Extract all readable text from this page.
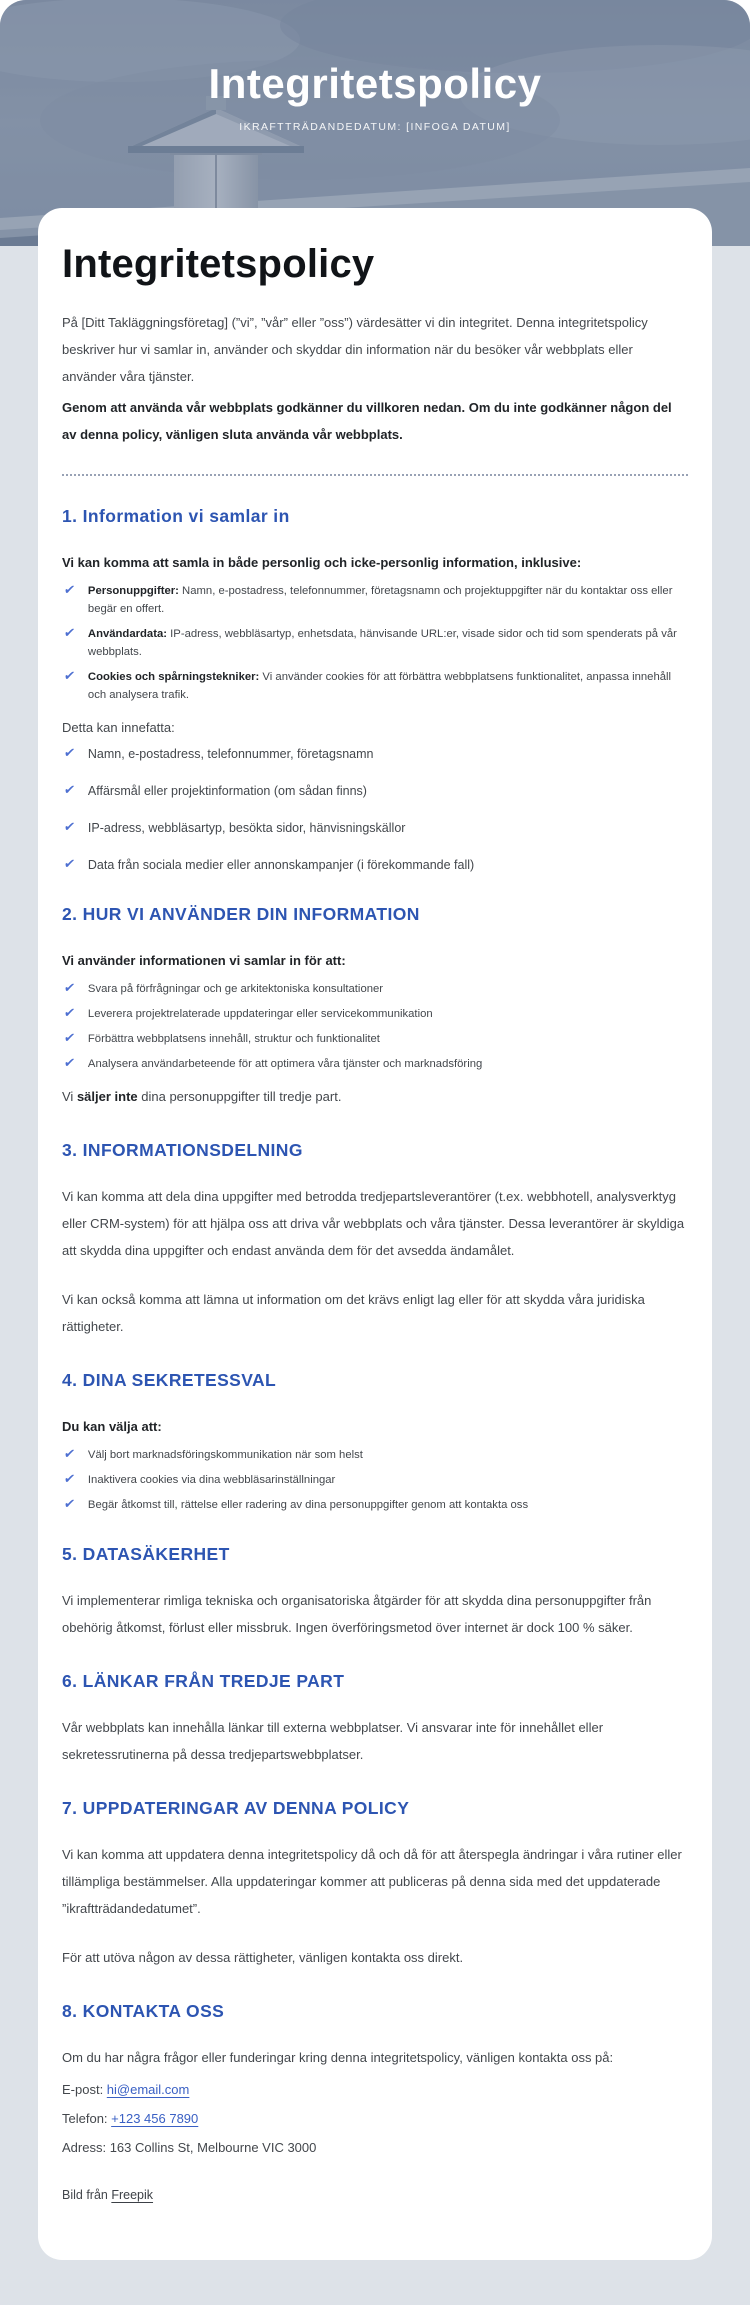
Integritetspolicy
IKRAFTTRÄDANDEDATUM: [INFOGA DATUM]
Integritetspolicy

På [Ditt Takläggningsföretag] (”vi”, ”vår” eller ”oss”) värdesätter vi din integritet. Denna integritetspolicy beskriver hur vi samlar in, använder och skyddar din information när du besöker vår webbplats eller använder våra tjänster.

Genom att använda vår webbplats godkänner du villkoren nedan. Om du inte godkänner någon del av denna policy, vänligen sluta använda vår webbplats.

1. Information vi samlar in

Vi kan komma att samla in både personlig och icke-personlig information, inklusive:

✔ Personuppgifter: Namn, e-postadress, telefonnummer, företagsnamn och projektuppgifter när du kontaktar oss eller begär en offert.
✔ Användardata: IP-adress, webbläsartyp, enhetsdata, hänvisande URL:er, visade sidor och tid som spenderats på vår webbplats.
✔ Cookies och spårningstekniker: Vi använder cookies för att förbättra webbplatsens funktionalitet, anpassa innehåll och analysera trafik.

Detta kan innefatta:

✔ Namn, e-postadress, telefonnummer, företagsnamn
✔ Affärsmål eller projektinformation (om sådan finns)
✔ IP-adress, webbläsartyp, besökta sidor, hänvisningskällor
✔ Data från sociala medier eller annonskampanjer (i förekommande fall)
2. HUR VI ANVÄNDER DIN INFORMATION

Vi använder informationen vi samlar in för att:

✔ Svara på förfrågningar och ge arkitektoniska konsultationer
✔ Leverera projektrelaterade uppdateringar eller servicekommunikation
✔ Förbättra webbplatsens innehåll, struktur och funktionalitet
✔ Analysera användarbeteende för att optimera våra tjänster och marknadsföring

Vi säljer inte dina personuppgifter till tredje part.

3. INFORMATIONSDELNING

Vi kan komma att dela dina uppgifter med betrodda tredjepartsleverantörer (t.ex. webbhotell, analysverktyg eller CRM-system) för att hjälpa oss att driva vår webbplats och våra tjänster. Dessa leverantörer är skyldiga att skydda dina uppgifter och endast använda dem för det avsedda ändamålet.

Vi kan också komma att lämna ut information om det krävs enligt lag eller för att skydda våra juridiska rättigheter.

4. DINA SEKRETESSVAL

Du kan välja att:

✔ Välj bort marknadsföringskommunikation när som helst
✔ Inaktivera cookies via dina webbläsarinställningar
✔ Begär åtkomst till, rättelse eller radering av dina personuppgifter genom att kontakta oss
5. DATASÄKERHET

Vi implementerar rimliga tekniska och organisatoriska åtgärder för att skydda dina personuppgifter från obehörig åtkomst, förlust eller missbruk. Ingen överföringsmetod över internet är dock 100 % säker.

6. LÄNKAR FRÅN TREDJE PART

Vår webbplats kan innehålla länkar till externa webbplatser. Vi ansvarar inte för innehållet eller sekretessrutinerna på dessa tredjepartswebbplatser.

7. UPPDATERINGAR AV DENNA POLICY

Vi kan komma att uppdatera denna integritetspolicy då och då för att återspegla ändringar i våra rutiner eller tillämpliga bestämmelser. Alla uppdateringar kommer att publiceras på denna sida med det uppdaterade ”ikraftträdandedatumet”.

För att utöva någon av dessa rättigheter, vänligen kontakta oss direkt.

8. KONTAKTA OSS

Om du har några frågor eller funderingar kring denna integritetspolicy, vänligen kontakta oss på:

E-post: hi@email.com
Telefon: +123 456 7890
Adress: 163 Collins St, Melbourne VIC 3000
Bild från Freepik
